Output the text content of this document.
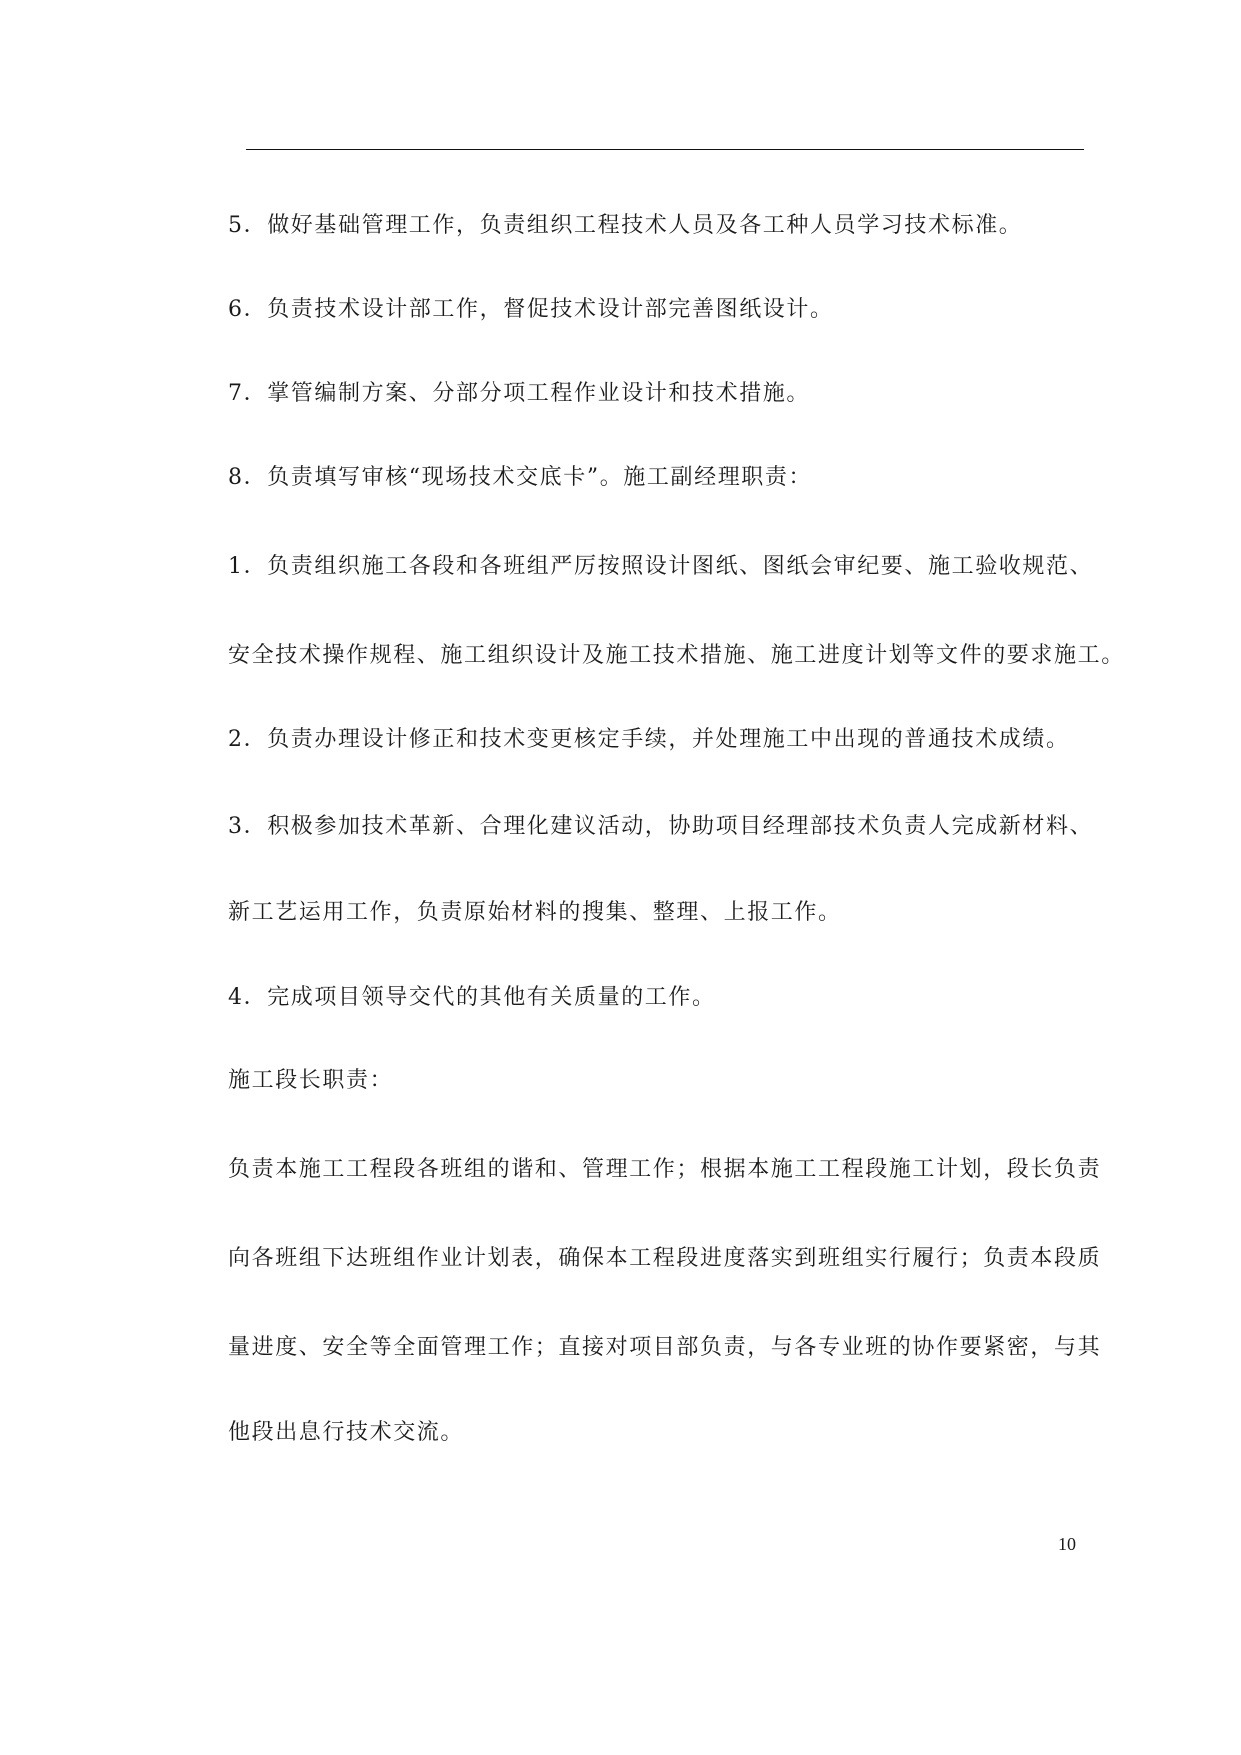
5．做好基础管理工作，负责组织工程技术人员及各工种人员学习技术标准。
6．负责技术设计部工作，督促技术设计部完善图纸设计。
7．掌管编制方案、分部分项工程作业设计和技术措施。
8．负责填写审核“现场技术交底卡”。施工副经理职责：
1．负责组织施工各段和各班组严厉按照设计图纸、图纸会审纪要、施工验收规范、
安全技术操作规程、施工组织设计及施工技术措施、施工进度计划等文件的要求施工。
2．负责办理设计修正和技术变更核定手续，并处理施工中出现的普通技术成绩。
3．积极参加技术革新、合理化建议活动，协助项目经理部技术负责人完成新材料、
新工艺运用工作，负责原始材料的搜集、整理、上报工作。
4．完成项目领导交代的其他有关质量的工作。
施工段长职责：
负责本施工工程段各班组的谐和、管理工作；根据本施工工程段施工计划，段长负责
向各班组下达班组作业计划表，确保本工程段进度落实到班组实行履行；负责本段质
量进度、安全等全面管理工作；直接对项目部负责，与各专业班的协作要紧密，与其
他段出息行技术交流。
10
